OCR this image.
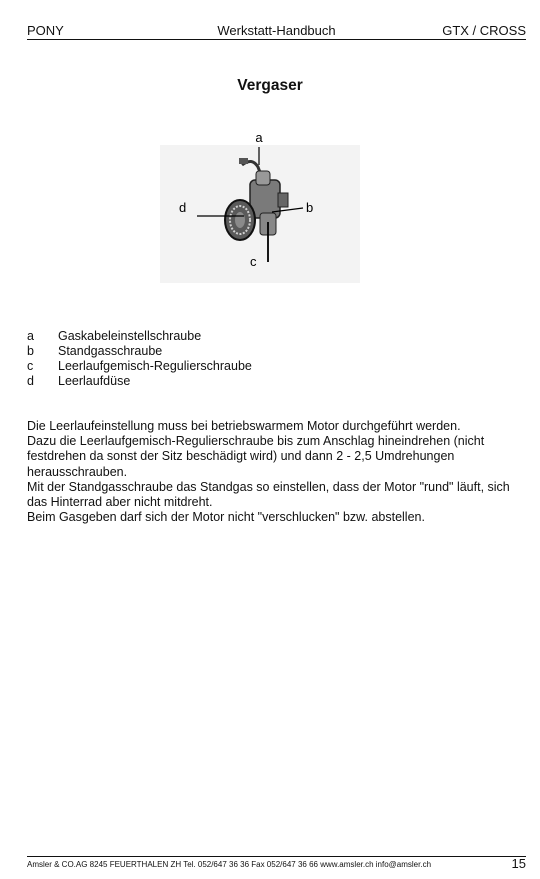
PONY	Werkstatt-Handbuch	GTX / CROSS
Vergaser
a
b
c
d
a	Gaskabeleinstellschraube
b	Standgasschraube
c	Leerlaufgemisch-Regulierschraube
d	Leerlaufdüse

Die Leerlaufeinstellung muss bei betriebswarmem Motor durchgeführt werden.

Dazu die Leerlaufgemisch-Regulierschraube bis zum Anschlag hineindrehen (nicht festdrehen da sonst der Sitz beschädigt wird) und dann 2 - 2,5 Umdrehungen herausschrauben.

Mit der Standgasschraube das Standgas so einstellen, dass der Motor "rund" läuft, sich das Hinterrad aber nicht mitdreht.

Beim Gasgeben darf sich der Motor nicht "verschlucken" bzw. abstellen.

Amsler & CO.AG 8245 FEUERTHALEN ZH Tel. 052/647 36 36 Fax 052/647 36 66 www.amsler.ch info@amsler.ch	15
